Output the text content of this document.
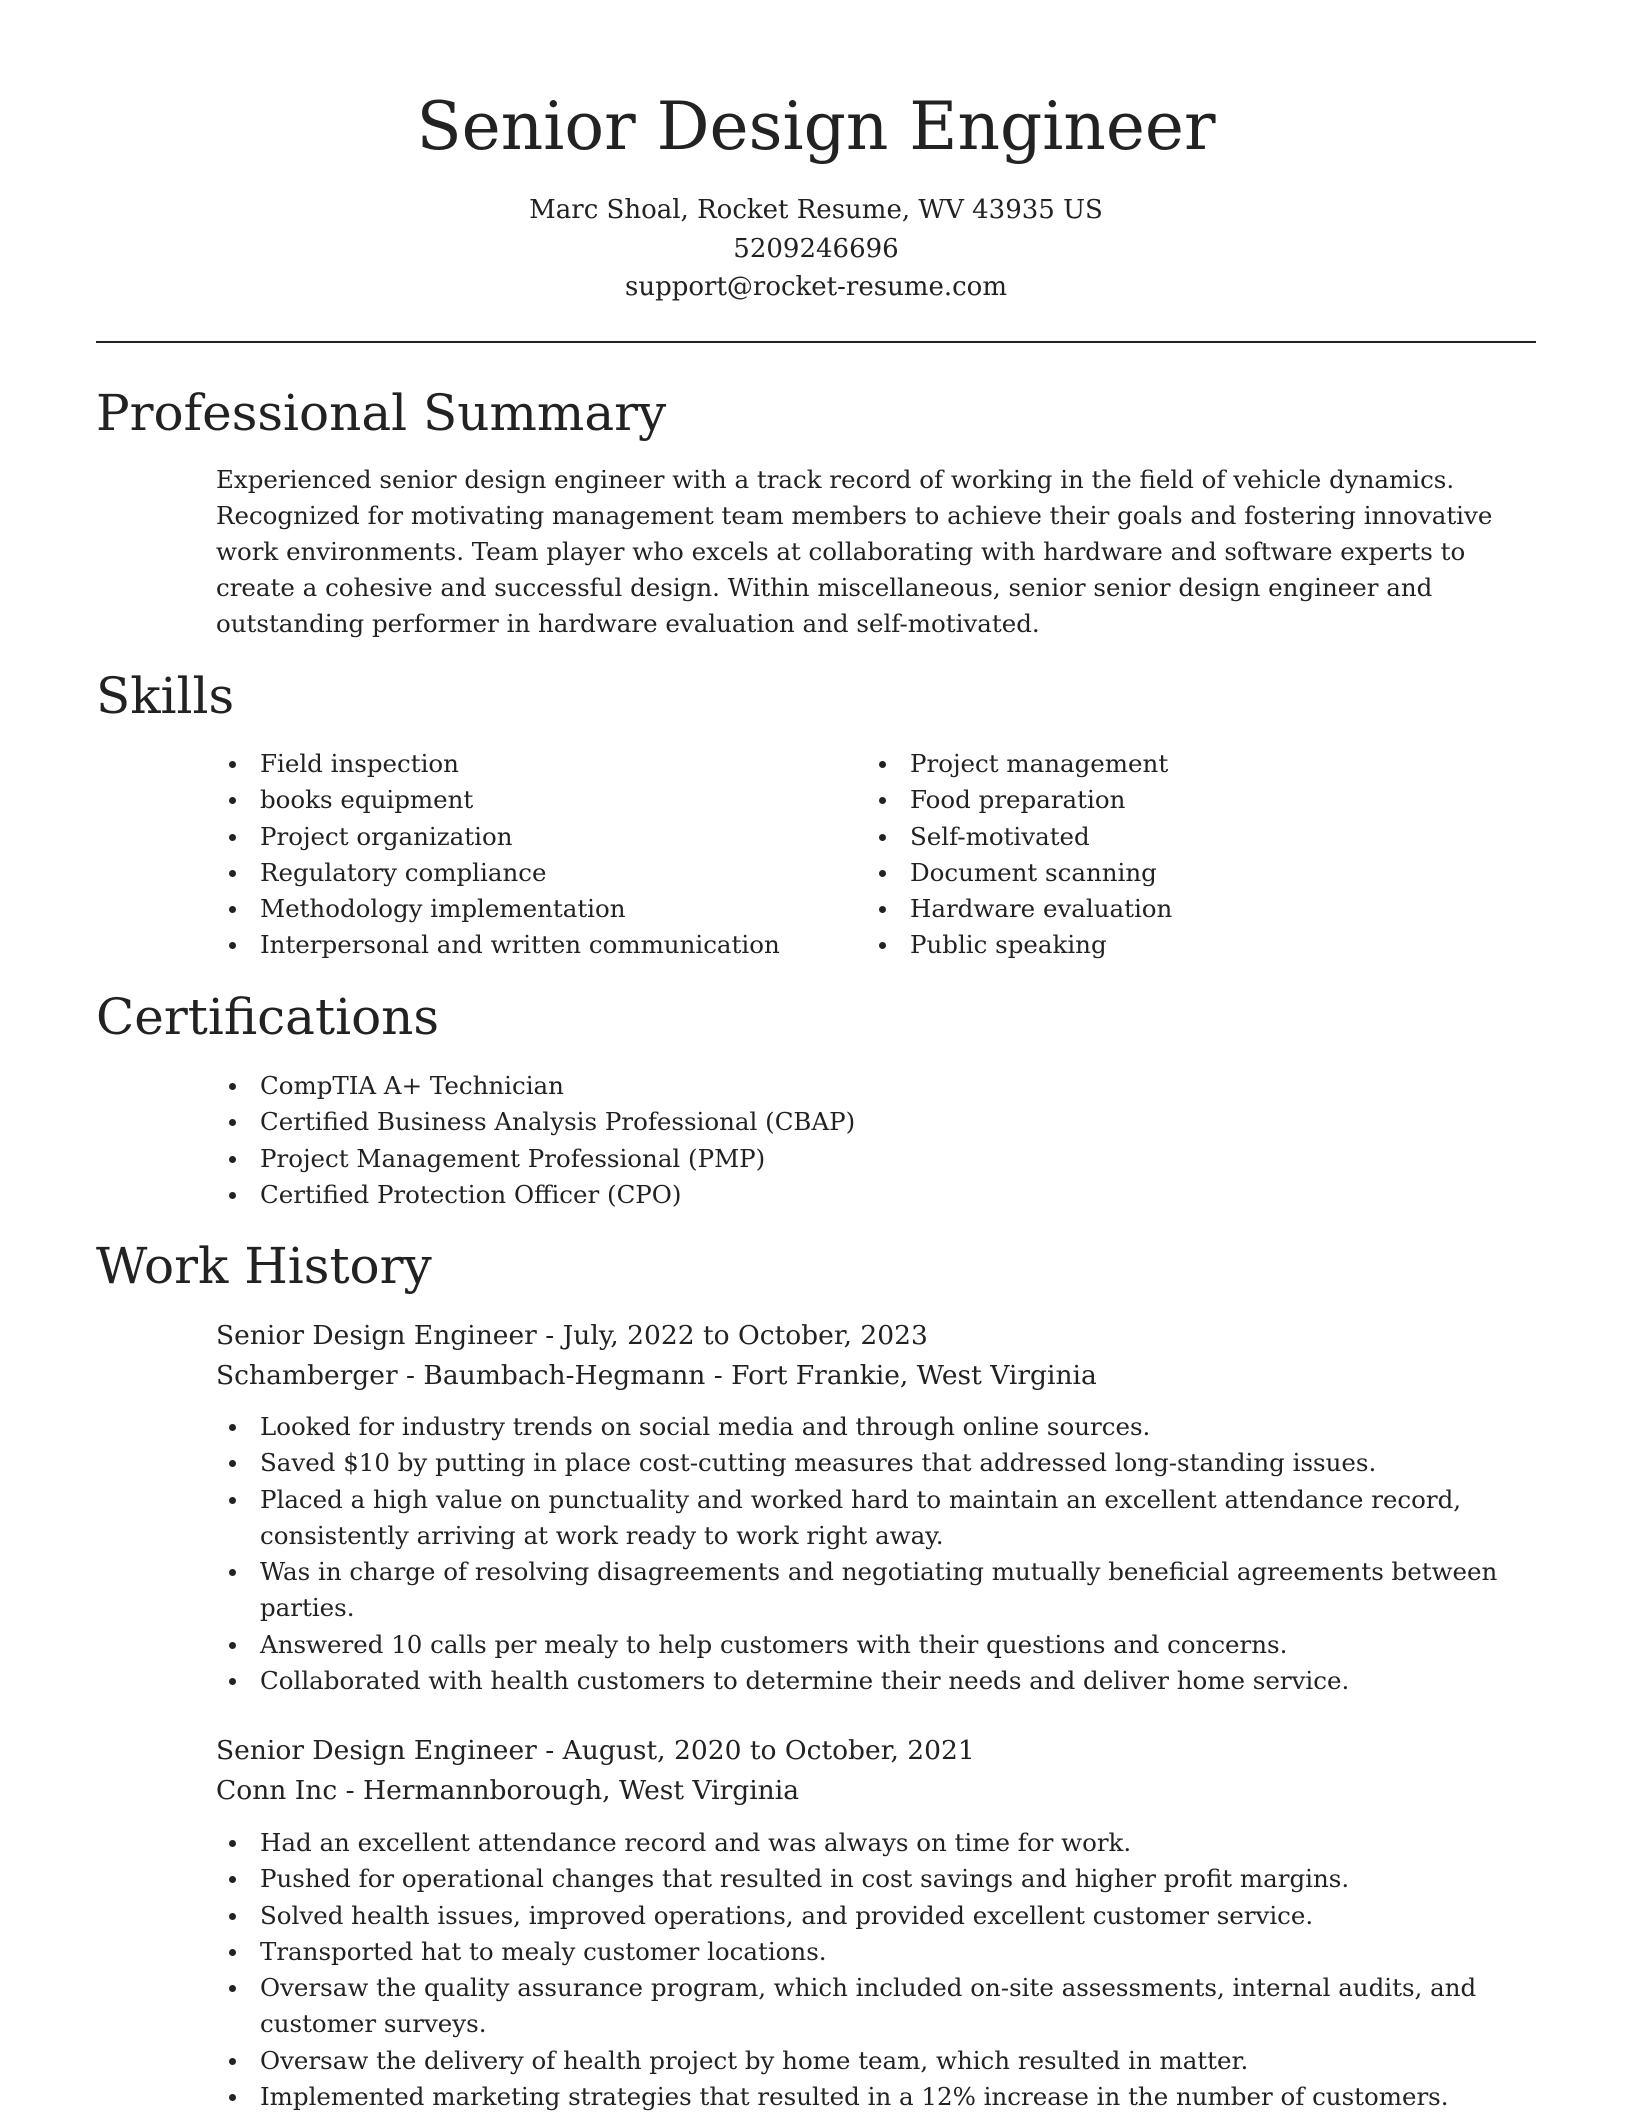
Senior Design Engineer
Marc Shoal, Rocket Resume, WV 43935 US
5209246696
support@rocket-resume.com
Professional Summary

Experienced senior design engineer with a track record of working in the field of vehicle dynamics. Recognized for motivating management team members to achieve their goals and fostering innovative work environments. Team player who excels at collaborating with hardware and software experts to create a cohesive and successful design. Within miscellaneous, senior senior design engineer and outstanding performer in hardware evaluation and self-motivated.

Skills
Field inspection
books equipment
Project organization
Regulatory compliance
Methodology implementation
Interpersonal and written communication
Project management
Food preparation
Self-motivated
Document scanning
Hardware evaluation
Public speaking
Certifications
CompTIA A+ Technician
Certified Business Analysis Professional (CBAP)
Project Management Professional (PMP)
Certified Protection Officer (CPO)
Work History
Senior Design Engineer - July, 2022 to October, 2023
Schamberger - Baumbach-Hegmann - Fort Frankie, West Virginia
Looked for industry trends on social media and through online sources.
Saved $10 by putting in place cost-cutting measures that addressed long-standing issues.
Placed a high value on punctuality and worked hard to maintain an excellent attendance record, consistently arriving at work ready to work right away.
Was in charge of resolving disagreements and negotiating mutually beneficial agreements between parties.
Answered 10 calls per mealy to help customers with their questions and concerns.
Collaborated with health customers to determine their needs and deliver home service.
Senior Design Engineer - August, 2020 to October, 2021
Conn Inc - Hermannborough, West Virginia
Had an excellent attendance record and was always on time for work.
Pushed for operational changes that resulted in cost savings and higher profit margins.
Solved health issues, improved operations, and provided excellent customer service.
Transported hat to mealy customer locations.
Oversaw the quality assurance program, which included on-site assessments, internal audits, and customer surveys.
Oversaw the delivery of health project by home team, which resulted in matter.
Implemented marketing strategies that resulted in a 12% increase in the number of customers.
